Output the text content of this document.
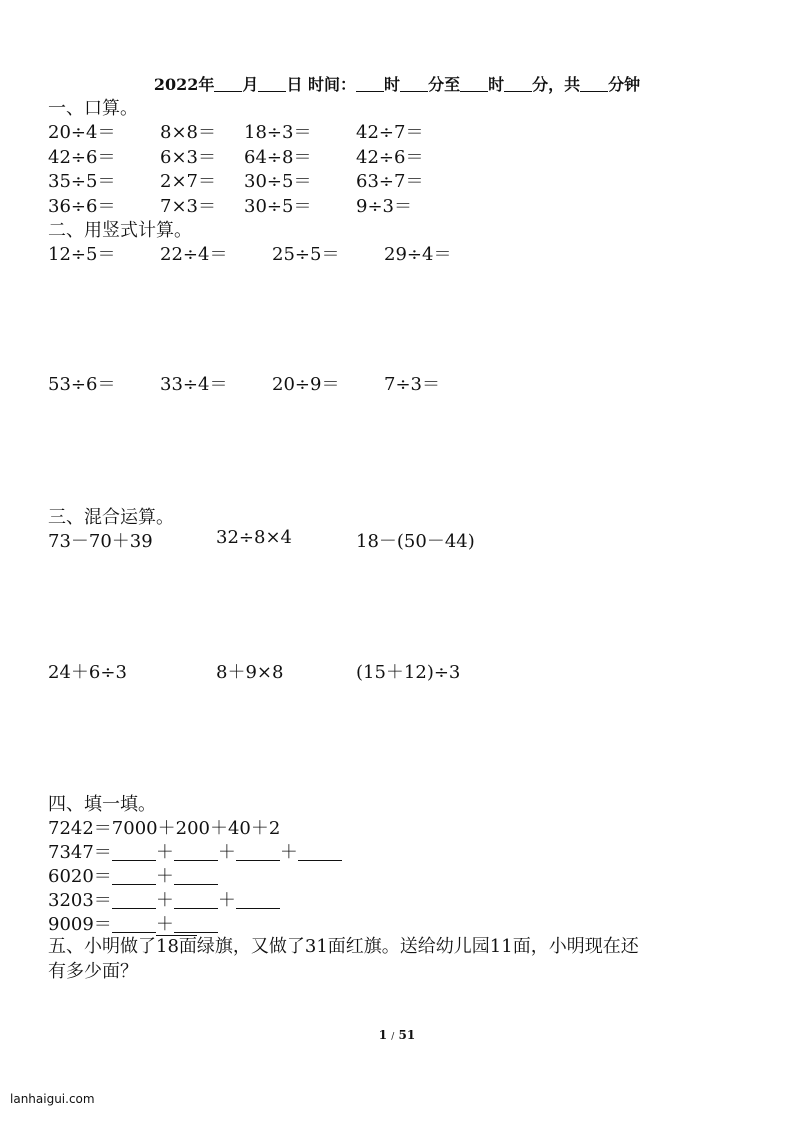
2022年 月 日 时间： 时 分至 时 分，共 分钟
一、口算。
20÷4＝ 8×8＝ 18÷3＝ 42÷7＝
42÷6＝ 6×3＝ 64÷8＝ 42÷6＝
35÷5＝ 2×7＝ 30÷5＝ 63÷7＝
36÷6＝ 7×3＝ 30÷5＝ 9÷3＝
二、用竖式计算。
12÷5＝ 22÷4＝ 25÷5＝ 29÷4＝
53÷6＝ 33÷4＝ 20÷9＝ 7÷3＝
三、混合运算。
73－70＋39	32÷8×4	18－(50－44)
24＋6÷3	8＋9×8	(15＋12)÷3
四、填一填。
7242＝7000＋200＋40＋2
7347＝ ＋ ＋ ＋
6020＝ ＋
3203＝ ＋ ＋
9009＝ ＋
五、小明做了18面绿旗，又做了31面红旗。送给幼儿园11面，小明现在还
有多少面？
1 / 51
lanhaigui.com
